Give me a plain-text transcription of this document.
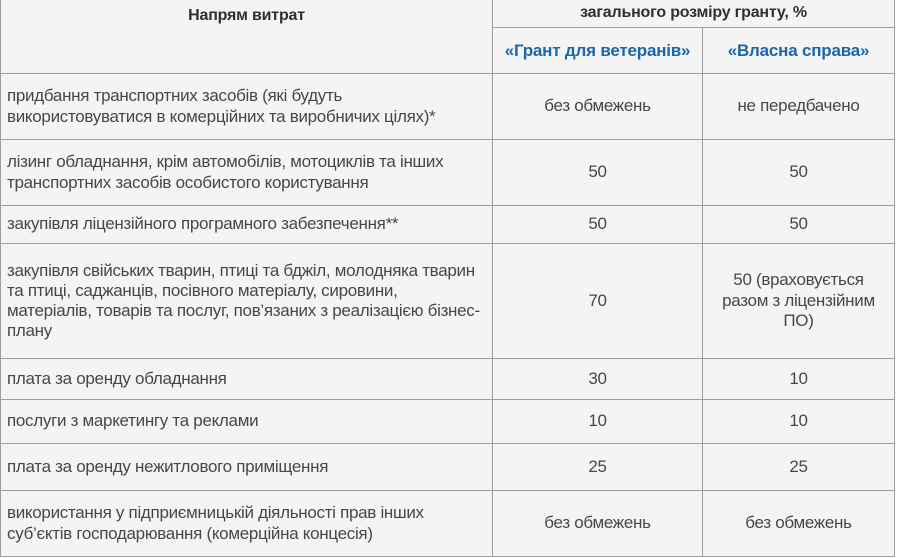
Напрям витрат	загального розміру гранту, %	
	«Грант для ветеранів»	«Власна справа»
придбання транспортних засобів (які будуть використовуватися в комерційних та виробничих цілях)*	без обмежень	не передбачено
лізинг обладнання, крім автомобілів, мотоциклів та інших транспортних засобів особистого користування	50	50
закупівля ліцензійного програмного забезпечення**	50	50
закупівля свійських тварин, птиці та бджіл, молодняка тварин та птиці, саджанців, посівного матеріалу, сировини, матеріалів, товарів та послуг, пов’язаних з реалізацією бізнес-плану	70	50 (враховується разом з ліцензійним ПО)
плата за оренду обладнання	30	10
послуги з маркетингу та реклами	10	10
плата за оренду нежитлового приміщення	25	25
використання у підприємницькій діяльності прав інших суб’єктів господарювання (комерційна концесія)	без обмежень	без обмежень
